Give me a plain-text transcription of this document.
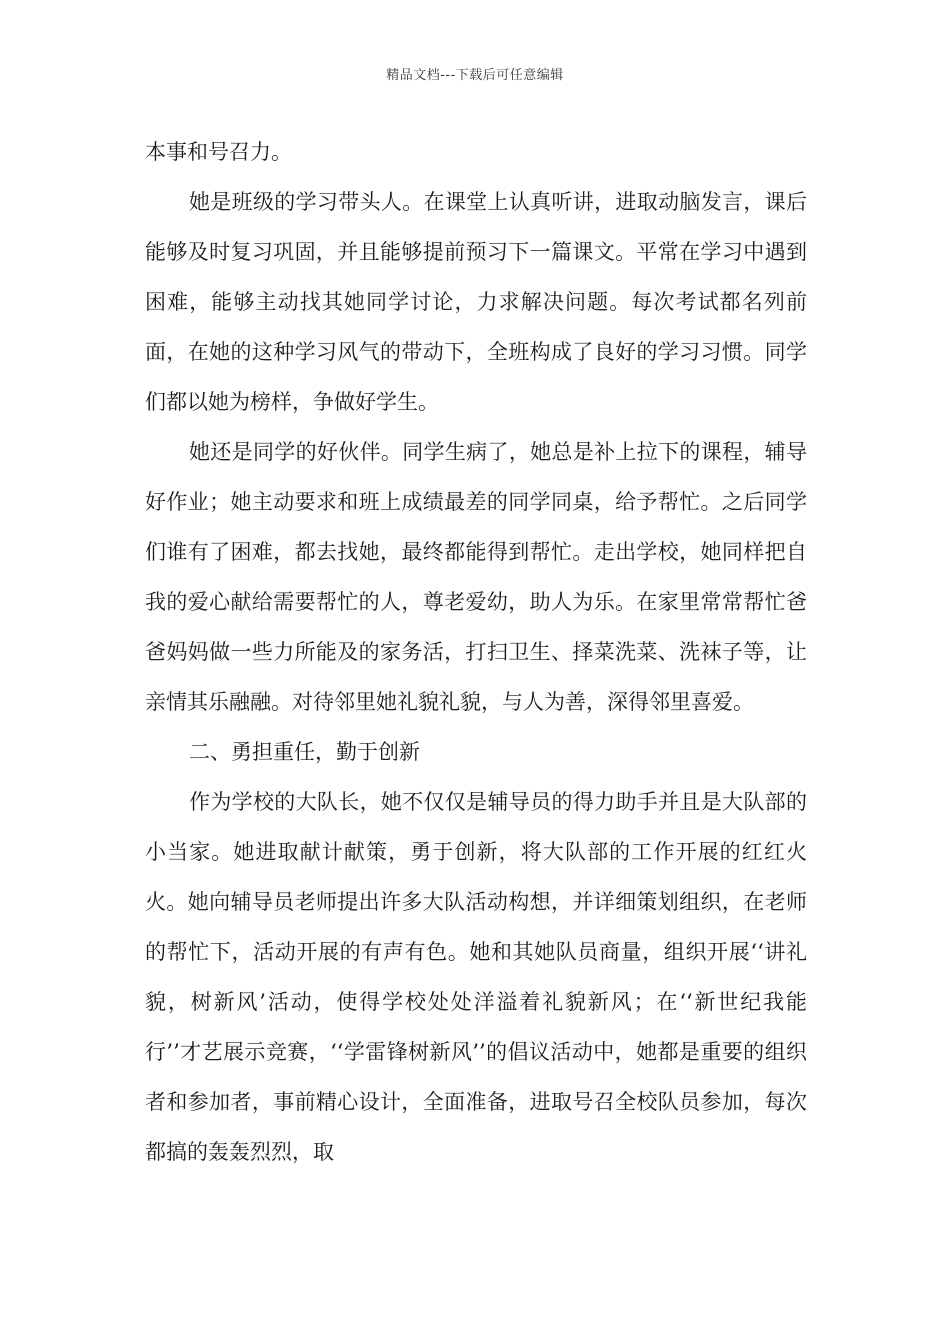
精品文档---下载后可任意编辑

本事和号召力。

她是班级的学习带头人。在课堂上认真听讲，进取动脑发言，课后能够及时复习巩固，并且能够提前预习下一篇课文。平常在学习中遇到困难，能够主动找其她同学讨论，力求解决问题。每次考试都名列前面，在她的这种学习风气的带动下，全班构成了良好的学习习惯。同学们都以她为榜样，争做好学生。

她还是同学的好伙伴。同学生病了，她总是补上拉下的课程，辅导好作业；她主动要求和班上成绩最差的同学同桌，给予帮忙。之后同学们谁有了困难，都去找她，最终都能得到帮忙。走出学校，她同样把自我的爱心献给需要帮忙的人，尊老爱幼，助人为乐。在家里常常帮忙爸爸妈妈做一些力所能及的家务活，打扫卫生、择菜洗菜、洗袜子等，让亲情其乐融融。对待邻里她礼貌礼貌，与人为善，深得邻里喜爱。

二、勇担重任，勤于创新

作为学校的大队长，她不仅仅是辅导员的得力助手并且是大队部的小当家。她进取献计献策，勇于创新，将大队部的工作开展的红红火火。她向辅导员老师提出许多大队活动构想，并详细策划组织，在老师的帮忙下，活动开展的有声有色。她和其她队员商量，组织开展‘‘讲礼貌，树新风’活动，使得学校处处洋溢着礼貌新风；在‘‘新世纪我能行’’才艺展示竞赛，‘‘学雷锋树新风’’的倡议活动中，她都是重要的组织者和参加者，事前精心设计，全面准备，进取号召全校队员参加，每次都搞的轰轰烈烈，取
